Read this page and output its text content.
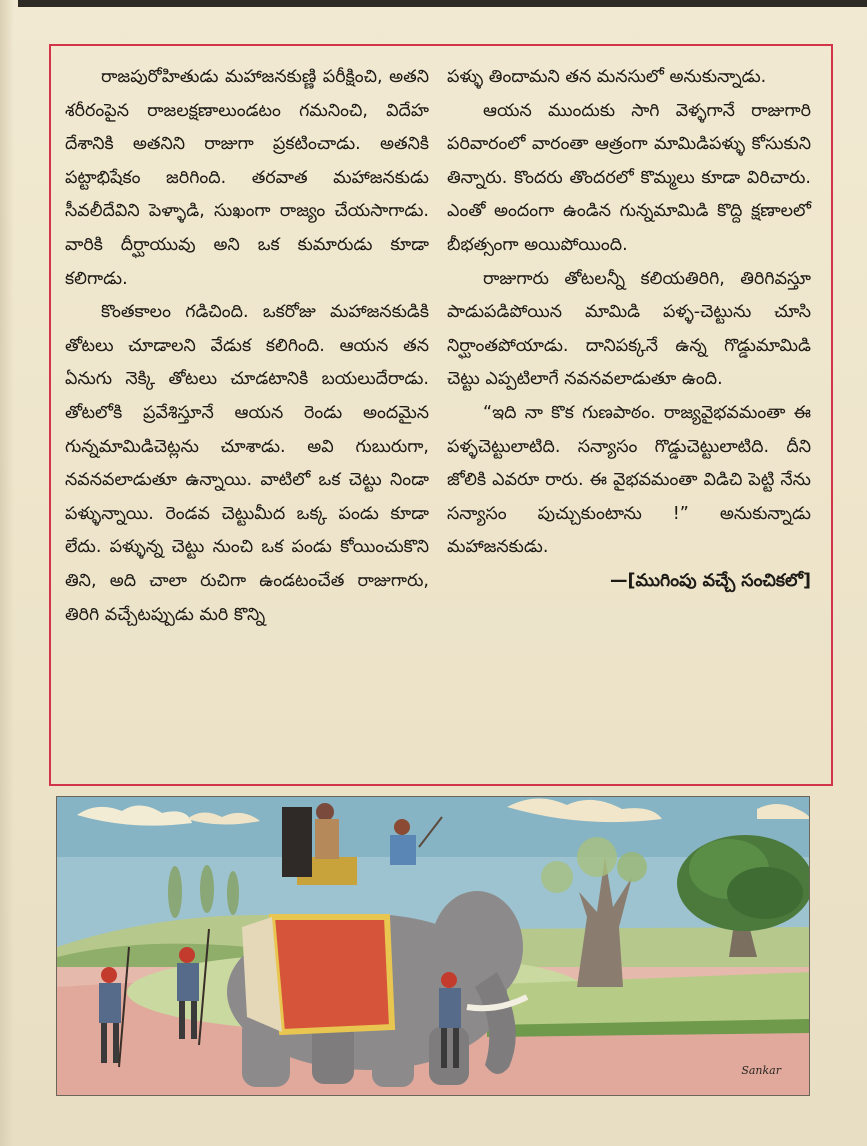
రాజపురోహితుడు మహాజనకుణ్ణి పరీక్షించి, అతని శరీరంపైన రాజలక్షణాలుండటం గమనించి, విదేహ దేశానికి అతనిని రాజుగా ప్రకటించాడు. అతనికి పట్టాభిషేకం జరిగింది. తరవాత మహాజనకుడు సీవలీదేవిని పెళ్ళాడి, సుఖంగా రాజ్యం చేయసాగాడు. వారికి దీర్ఘాయువు అని ఒక కుమారుడు కూడా కలిగాడు.

కొంతకాలం గడిచింది. ఒకరోజు మహాజనకుడికి తోటలు చూడాలని వేడుక కలిగింది. ఆయన తన ఏనుగు నెక్కి తోటలు చూడటానికి బయలుదేరాడు. తోటలోకి ప్రవేశిస్తూనే ఆయన రెండు అందమైన గున్నమామిడిచెట్లను చూశాడు. అవి గుబురుగా, నవనవలాడుతూ ఉన్నాయి. వాటిలో ఒక చెట్టు నిండా పళ్ళున్నాయి. రెండవ చెట్టుమీద ఒక్క పండు కూడా లేదు. పళ్ళున్న చెట్టు నుంచి ఒక పండు కోయించుకొని తిని, అది చాలా రుచిగా ఉండటంచేత రాజుగారు, తిరిగి వచ్చేటప్పుడు మరి కొన్ని

పళ్ళు తిందామని తన మనసులో అనుకున్నాడు.

ఆయన ముందుకు సాగి వెళ్ళగానే రాజుగారి పరివారంలో వారంతా ఆత్రంగా మామిడిపళ్ళు కోసుకుని తిన్నారు. కొందరు తొందరలో కొమ్మలు కూడా విరిచారు. ఎంతో అందంగా ఉండిన గున్నమామిడి కొద్ది క్షణాలలో బీభత్సంగా అయిపోయింది.

రాజుగారు తోటలన్నీ కలియతిరిగి, తిరిగివస్తూ పాడుపడిపోయిన మామిడి పళ్ళ-చెట్టును చూసి నిర్ఘాంతపోయాడు. దానిపక్కనే ఉన్న గొడ్డుమామిడి చెట్టు ఎప్పటిలాగే నవనవలాడుతూ ఉంది.

“ఇది నా కొక గుణపాఠం. రాజ్యవైభవమంతా ఈ పళ్ళచెట్టులాటిది. సన్యాసం గొడ్డుచెట్టులాటిది. దీని జోలికి ఎవరూ రారు. ఈ వైభవమంతా విడిచి పెట్టి నేను సన్యాసం పుచ్చుకుంటాను !” అనుకున్నాడు మహాజనకుడు.

—[ముగింపు వచ్చే సంచికలో]

Sankar
